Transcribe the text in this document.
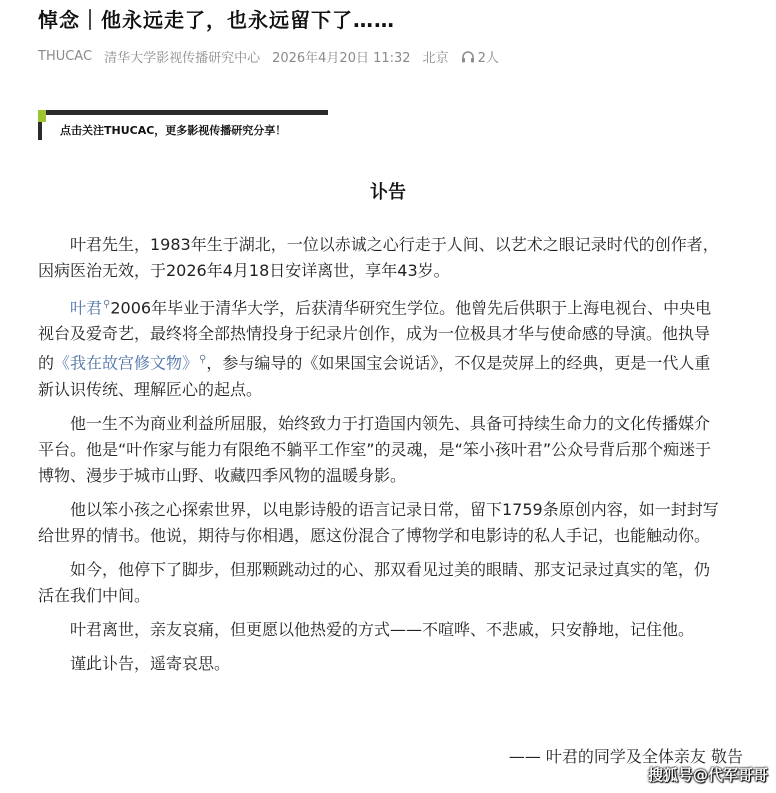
悼念｜他永远走了，也永远留下了……
THUCAC 清华大学影视传播研究中心 2026年4月20日 11:32 北京 2人
点击关注THUCAC，更多影视传播研究分享！
讣告

叶君先生，1983年生于湖北，一位以赤诚之心行走于人间、以艺术之眼记录时代的创作者，因病医治无效，于2026年4月18日安详离世，享年43岁。

叶君⚲2006年毕业于清华大学，后获清华研究生学位。他曾先后供职于上海电视台、中央电视台及爱奇艺，最终将全部热情投身于纪录片创作，成为一位极具才华与使命感的导演。他执导的《我在故宫修文物》⚲，参与编导的《如果国宝会说话》，不仅是荧屏上的经典，更是一代人重新认识传统、理解匠心的起点。

他一生不为商业利益所屈服，始终致力于打造国内领先、具备可持续生命力的文化传播媒介平台。他是“叶作家与能力有限绝不躺平工作室”的灵魂，是“笨小孩叶君”公众号背后那个痴迷于博物、漫步于城市山野、收藏四季风物的温暖身影。

他以笨小孩之心探索世界，以电影诗般的语言记录日常，留下1759条原创内容，如一封封写给世界的情书。他说，期待与你相遇，愿这份混合了博物学和电影诗的私人手记，也能触动你。

如今，他停下了脚步，但那颗跳动过的心、那双看见过美的眼睛、那支记录过真实的笔，仍活在我们中间。

叶君离世，亲友哀痛，但更愿以他热爱的方式——不喧哗、不悲戚，只安静地，记住他。

谨此讣告，遥寄哀思。

—— 叶君的同学及全体亲友 敬告
搜狐号@代军哥哥
